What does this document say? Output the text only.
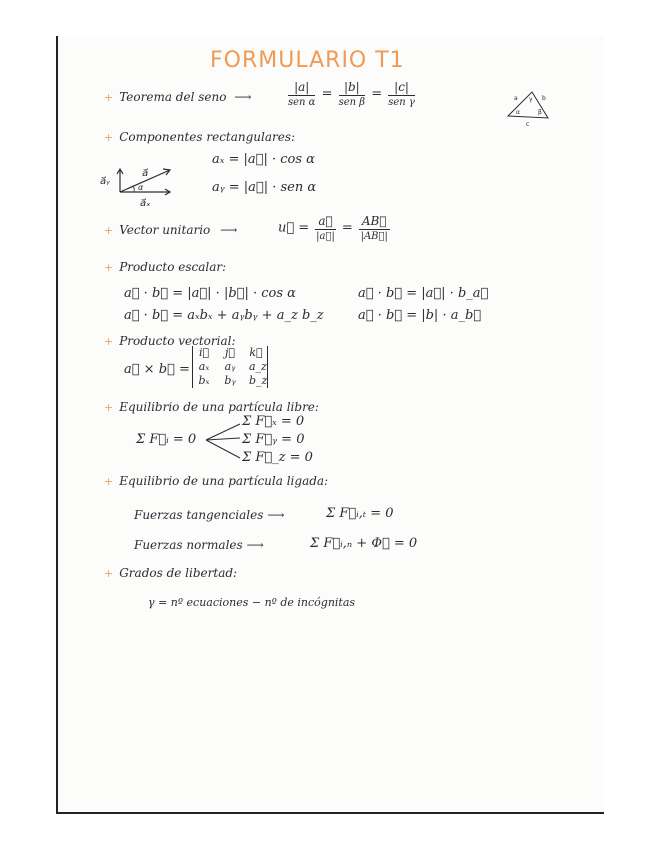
FORMULARIO T1
+ Teorema del seno ⟶	$\frac{|a|}{\text{sen α}} = \frac{|b|}{\text{sen β}} = \frac{|c|}{\text{sen γ}}$	a	b
c
α	β
γ
+ Componentes rectangulares:
α
a⃗
a⃗ᵧ
a⃗ₓ
aₓ = |a⃗| · cos α
aᵧ = |a⃗| · sen α
+ Vector unitario ⟶	u⃗ = $\frac{a⃗}{|a⃗|} = \frac{AB⃗}{|AB⃗|}$
+ Producto escalar:
a⃗ · b⃗ = |a⃗| · |b⃗| · cos α
a⃗ · b⃗ = aₓbₓ + aᵧbᵧ + a_z b_z
a⃗ · b⃗ = |a⃗| · b_a⃗
a⃗ · b⃗ = |b| · a_b⃗
+ Producto vectorial:
a⃗ × b⃗ =
i⃗ j⃗ k⃗
aₓ aᵧ a_z
bₓ bᵧ b_z
+ Equilibrio de una partícula libre:
Σ F⃗ᵢ = 0
Σ F⃗ₓ = 0
Σ F⃗ᵧ = 0
Σ F⃗_z = 0
+ Equilibrio de una partícula ligada:
Fuerzas tangenciales ⟶	Σ F⃗ᵢ,ₜ = 0
Fuerzas normales ⟶	Σ F⃗ᵢ,ₙ + Φ⃗ = 0
+ Grados de libertad:
γ = nº ecuaciones − nº de incógnitas
